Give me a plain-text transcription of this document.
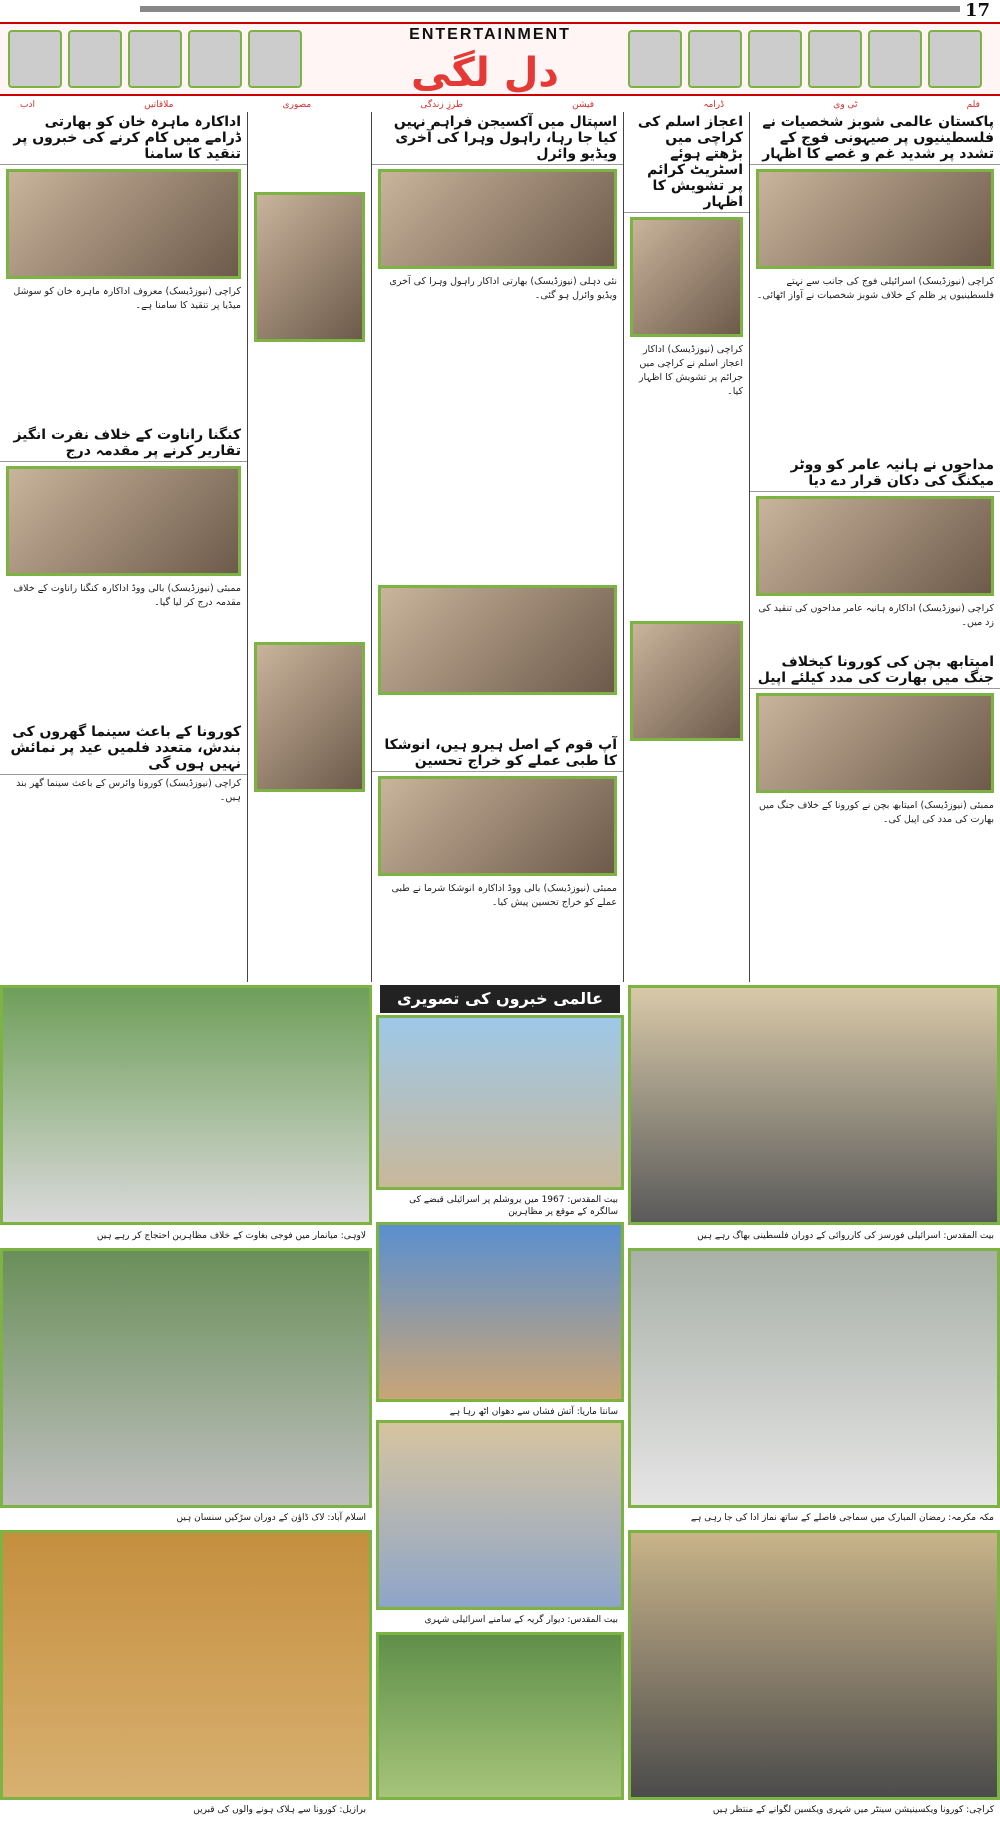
17
ENTERTAINMENT
دل لگی
فلم
ٹی وی
ڈرامہ
فیشن
طرزِ زندگی
مصوری
ملاقاتیں
ادب
اداکارہ ماہرہ خان کو بھارتی ڈرامے میں کام کرنے کی خبروں پر تنقید کا سامنا
کراچی (نیوزڈیسک) معروف اداکارہ ماہرہ خان کو سوشل میڈیا پر تنقید کا سامنا ہے۔
کنگنا راناوت کے خلاف نفرت انگیز تقاریر کرنے پر مقدمہ درج
ممبئی (نیوزڈیسک) بالی ووڈ اداکارہ کنگنا راناوت کے خلاف مقدمہ درج کر لیا گیا۔
کورونا کے باعث سینما گھروں کی بندش، متعدد فلمیں عید پر نمائش نہیں ہوں گی
کراچی (نیوزڈیسک) کورونا وائرس کے باعث سینما گھر بند ہیں۔
اسپتال میں آکسیجن فراہم نہیں کیا جا رہا، راہول وہرا کی آخری ویڈیو وائرل
نئی دہلی (نیوزڈیسک) بھارتی اداکار راہول وہرا کی آخری ویڈیو وائرل ہو گئی۔
آپ قوم کے اصل ہیرو ہیں، انوشکا کا طبی عملے کو خراج تحسین
ممبئی (نیوزڈیسک) بالی ووڈ اداکارہ انوشکا شرما نے طبی عملے کو خراج تحسین پیش کیا۔
اعجاز اسلم کی کراچی میں بڑھتے ہوئے اسٹریٹ کرائم پر تشویش کا اظہار
کراچی (نیوزڈیسک) اداکار اعجاز اسلم نے کراچی میں جرائم پر تشویش کا اظہار کیا۔
پاکستان عالمی شوبز شخصیات نے فلسطینیوں پر صیہونی فوج کے تشدد پر شدید غم و غصے کا اظہار
کراچی (نیوزڈیسک) اسرائیلی فوج کی جانب سے نہتے فلسطینیوں پر ظلم کے خلاف شوبز شخصیات نے آواز اٹھائی۔
مداحوں نے ہانیہ عامر کو ووٹر میکنگ کی دکان قرار دے دیا
کراچی (نیوزڈیسک) اداکارہ ہانیہ عامر مداحوں کی تنقید کی زد میں۔
امیتابھ بچن کی کورونا کیخلاف جنگ میں بھارت کی مدد کیلئے اپیل
ممبئی (نیوزڈیسک) امیتابھ بچن نے کورونا کے خلاف جنگ میں بھارت کی مدد کی اپیل کی۔
عالمی خبروں کی تصویری
لاوہی: میانمار میں فوجی بغاوت کے خلاف مظاہرین احتجاج کر رہے ہیں
بیت المقدس: 1967 میں یروشلم پر اسرائیلی قبضے کی سالگرہ کے موقع پر مظاہرین
بیت المقدس: اسرائیلی فورسز کی کارروائی کے دوران فلسطینی بھاگ رہے ہیں
اسلام آباد: لاک ڈاؤن کے دوران سڑکیں سنسان ہیں
سانتا ماریا: آتش فشاں سے دھواں اٹھ رہا ہے
مکہ مکرمہ: رمضان المبارک میں سماجی فاصلے کے ساتھ نماز ادا کی جا رہی ہے
بیت المقدس: دیوار گریہ کے سامنے اسرائیلی شہری
برازیل: کورونا سے ہلاک ہونے والوں کی قبریں	کراچی: کورونا ویکسینیشن سینٹر میں شہری ویکسین لگوانے کے منتظر ہیں
